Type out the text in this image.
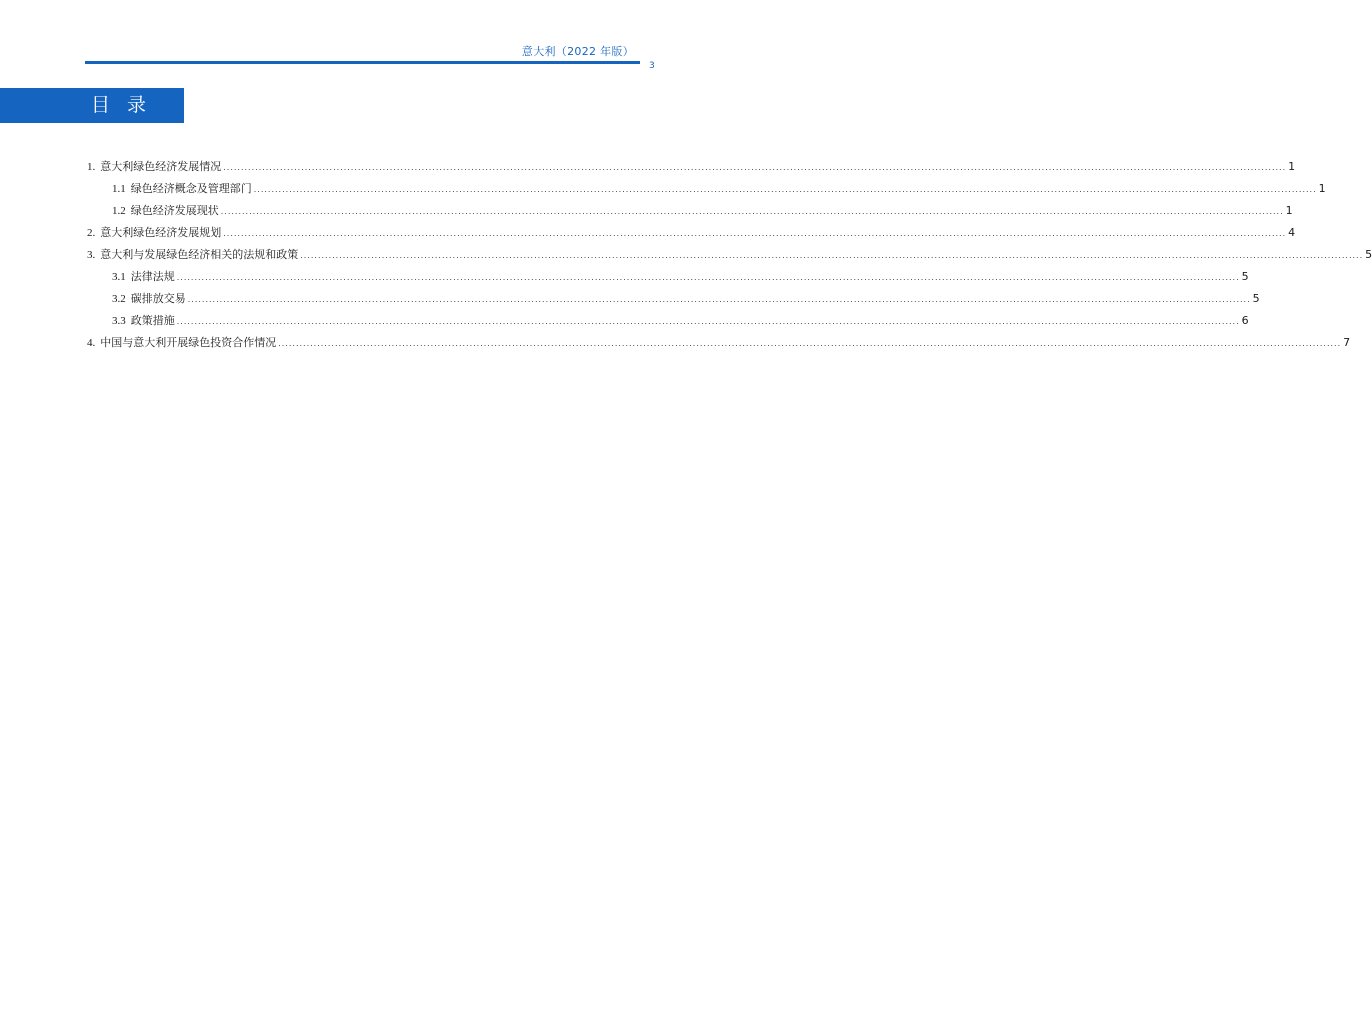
意大利（2022 年版）
3
目录
1. 意大利绿色经济发展情况 ............................................................................................................................................................................................................................................................................................................ 1
1.1 绿色经济概念及管理部门 ............................................................................................................................................................................................................................................................................................................ 1
1.2 绿色经济发展现状 ............................................................................................................................................................................................................................................................................................................ 1
2. 意大利绿色经济发展规划 ............................................................................................................................................................................................................................................................................................................ 4
3. 意大利与发展绿色经济相关的法规和政策 ............................................................................................................................................................................................................................................................................................................ 5
3.1 法律法规 ............................................................................................................................................................................................................................................................................................................ 5
3.2 碳排放交易 ............................................................................................................................................................................................................................................................................................................ 5
3.3 政策措施 ............................................................................................................................................................................................................................................................................................................ 6
4. 中国与意大利开展绿色投资合作情况 ............................................................................................................................................................................................................................................................................................................ 7
